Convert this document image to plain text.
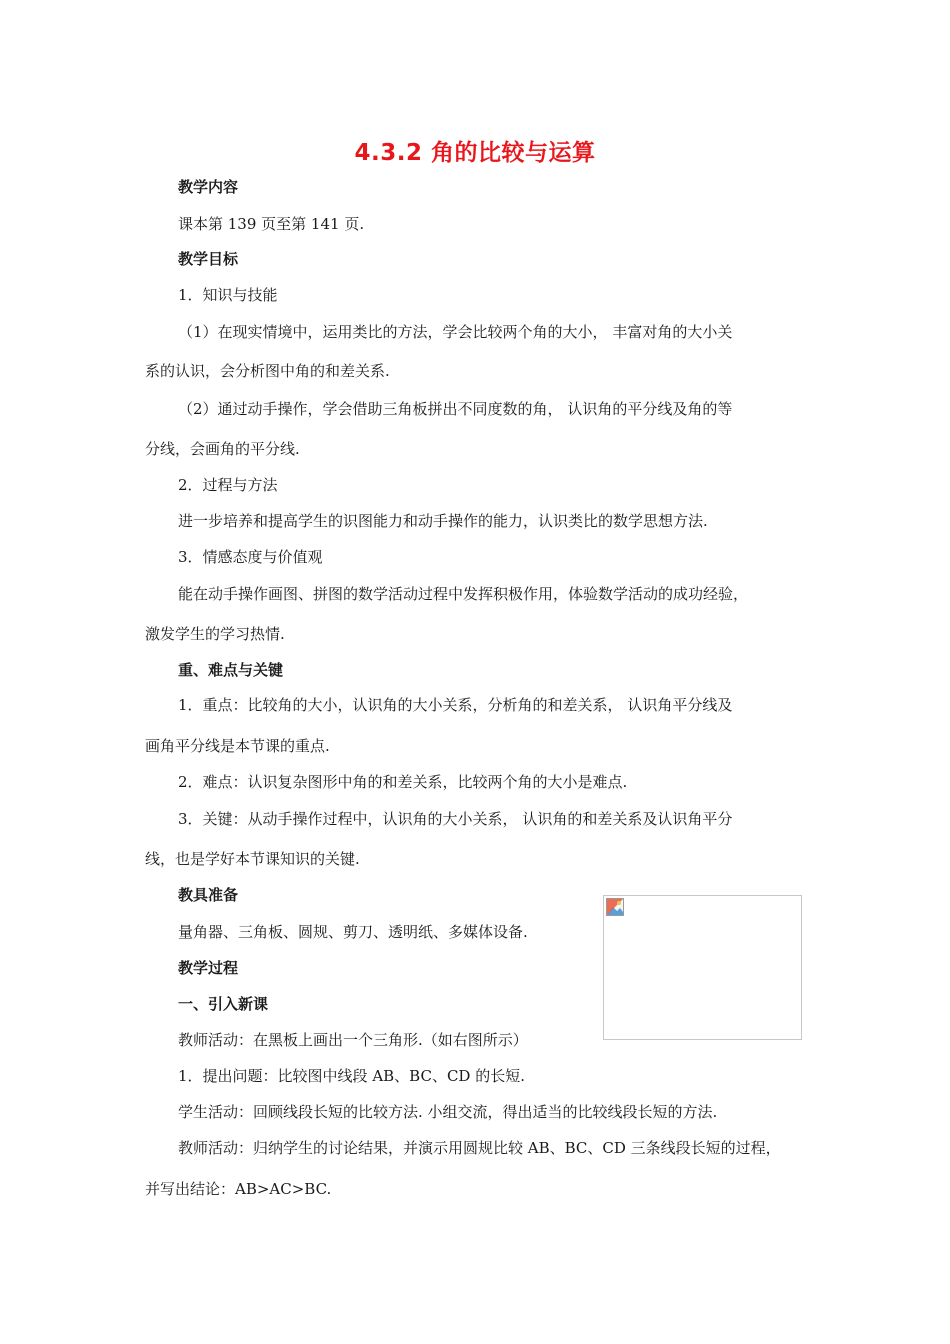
4.3.2 角的比较与运算
教学内容
课本第 139 页至第 141 页.
教学目标
1．知识与技能
（1）在现实情境中，运用类比的方法，学会比较两个角的大小， 丰富对角的大小关
系的认识，会分析图中角的和差关系.
（2）通过动手操作，学会借助三角板拼出不同度数的角， 认识角的平分线及角的等
分线，会画角的平分线.
2．过程与方法
进一步培养和提高学生的识图能力和动手操作的能力，认识类比的数学思想方法.
3．情感态度与价值观
能在动手操作画图、拼图的数学活动过程中发挥积极作用，体验数学活动的成功经验，
激发学生的学习热情.
重、难点与关键
1．重点：比较角的大小，认识角的大小关系，分析角的和差关系， 认识角平分线及
画角平分线是本节课的重点.
2．难点：认识复杂图形中角的和差关系，比较两个角的大小是难点.
3．关键：从动手操作过程中，认识角的大小关系， 认识角的和差关系及认识角平分
线，也是学好本节课知识的关键.
教具准备
量角器、三角板、圆规、剪刀、透明纸、多媒体设备.
教学过程
一、引入新课
教师活动：在黑板上画出一个三角形.（如右图所示）
1．提出问题：比较图中线段 AB、BC、CD 的长短.
学生活动：回顾线段长短的比较方法. 小组交流，得出适当的比较线段长短的方法.
教师活动：归纳学生的讨论结果，并演示用圆规比较 AB、BC、CD 三条线段长短的过程，
并写出结论：AB>AC>BC.
